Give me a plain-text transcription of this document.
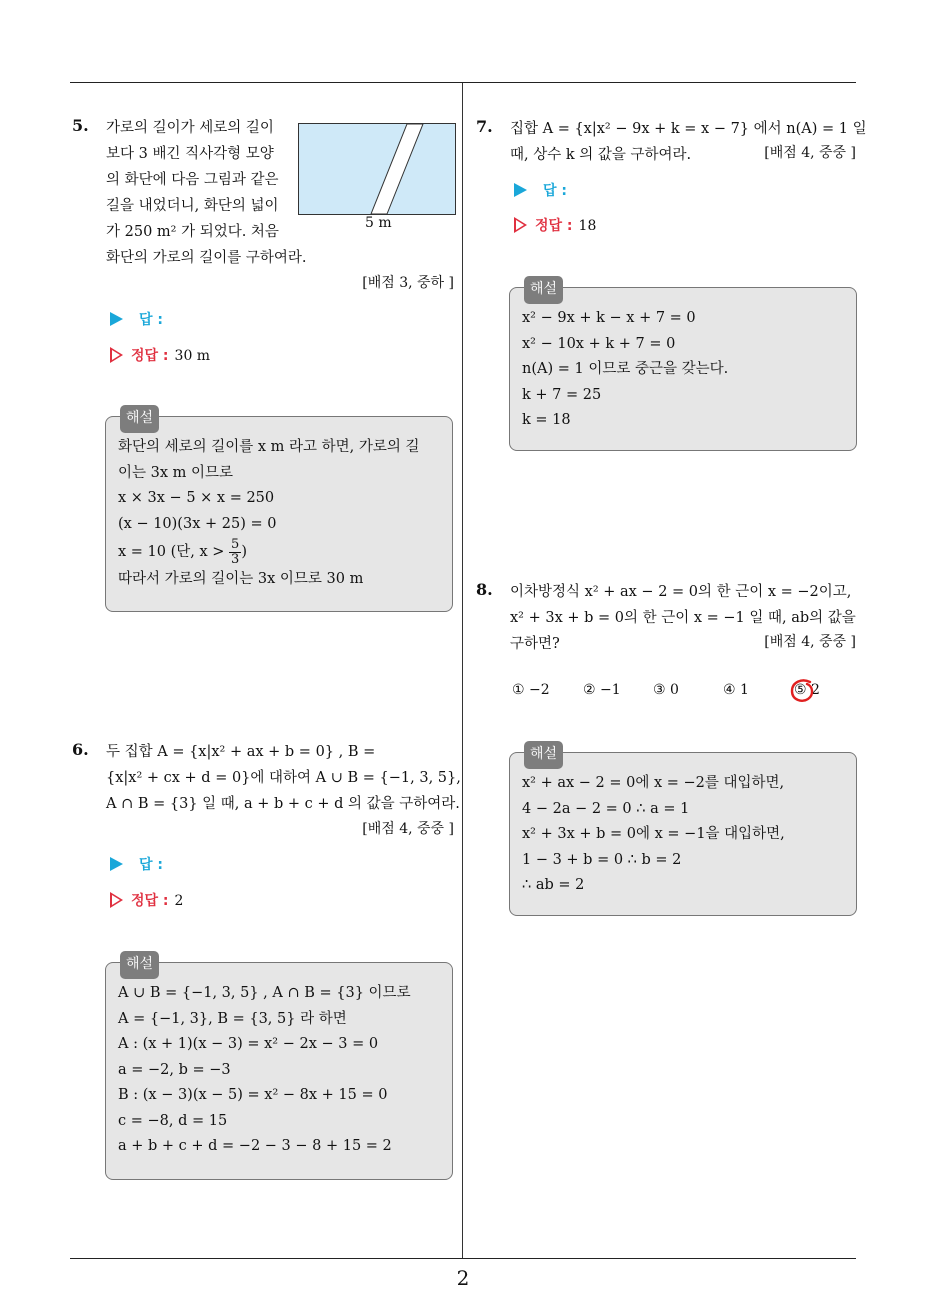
5. 가로의 길이가 세로의 길이
보다 3 배긴 직사각형 모양
의 화단에 다음 그림과 같은
길을 내었더니, 화단의 넓이
가 250 m² 가 되었다. 처음
화단의 가로의 길이를 구하여라.
5 m
[배점 3, 중하 ]
답 :
정답 : 30 m
해설
화단의 세로의 길이를 x m 라고 하면, 가로의 길
이는 3x m 이므로
x × 3x − 5 × x = 250
(x − 10)(3x + 25) = 0
x = 10 (단, $x > \frac{5}{3}$ )
따라서 가로의 길이는 3x 이므로 30 m
6. 두 집합 A = {x|x² + ax + b = 0} , B =
{x|x² + cx + d = 0}에 대하여 A ∪ B = {−1, 3, 5},
A ∩ B = {3} 일 때, a + b + c + d 의 값을 구하여라.
[배점 4, 중중 ]
답 :
정답 : 2
해설
A ∪ B = {−1, 3, 5} , A ∩ B = {3} 이므로
A = {−1, 3}, B = {3, 5} 라 하면
A : (x + 1)(x − 3) = x² − 2x − 3 = 0
a = −2, b = −3
B : (x − 3)(x − 5) = x² − 8x + 15 = 0
c = −8, d = 15
a + b + c + d = −2 − 3 − 8 + 15 = 2
7. 집합 A = {x|x² − 9x + k = x − 7} 에서 n(A) = 1 일
때, 상수 k 의 값을 구하여라.	[배점 4, 중중 ]
답 :
정답 : 18
해설
x² − 9x + k − x + 7 = 0
x² − 10x + k + 7 = 0
n(A) = 1 이므로 중근을 갖는다.
k + 7 = 25
k = 18
8. 이차방정식 x² + ax − 2 = 0의 한 근이 x = −2이고,
x² + 3x + b = 0의 한 근이 x = −1 일 때, ab의 값을
구하면?	[배점 4, 중중 ]
① −2 ② −1 ③ 0	④ 1	⑤ 2
해설
x² + ax − 2 = 0에 x = −2를 대입하면,
4 − 2a − 2 = 0 ∴ a = 1
x² + 3x + b = 0에 x = −1을 대입하면,
1 − 3 + b = 0 ∴ b = 2
∴ ab = 2
2
